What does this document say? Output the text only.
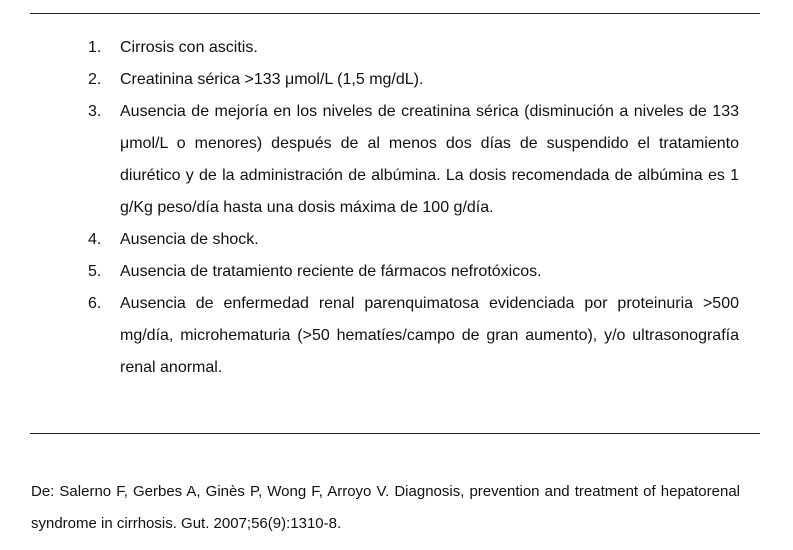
1. Cirrosis con ascitis.
2. Creatinina sérica >133 μmol/L (1,5 mg/dL).
3. Ausencia de mejoría en los niveles de creatinina sérica (disminución a niveles de 133 μmol/L o menores) después de al menos dos días de suspendido el tratamiento diurético y de la administración de albúmina. La dosis recomendada de albúmina es 1 g/Kg peso/día hasta una dosis máxima de 100 g/día.
4. Ausencia de shock.
5. Ausencia de tratamiento reciente de fármacos nefrotóxicos.
6. Ausencia de enfermedad renal parenquimatosa evidenciada por proteinuria >500 mg/día, microhematuria (>50 hematíes/campo de gran aumento), y/o ultrasonografía renal anormal.

De: Salerno F, Gerbes A, Ginès P, Wong F, Arroyo V. Diagnosis, prevention and treatment of hepatorenal syndrome in cirrhosis. Gut. 2007;56(9):1310-8.
